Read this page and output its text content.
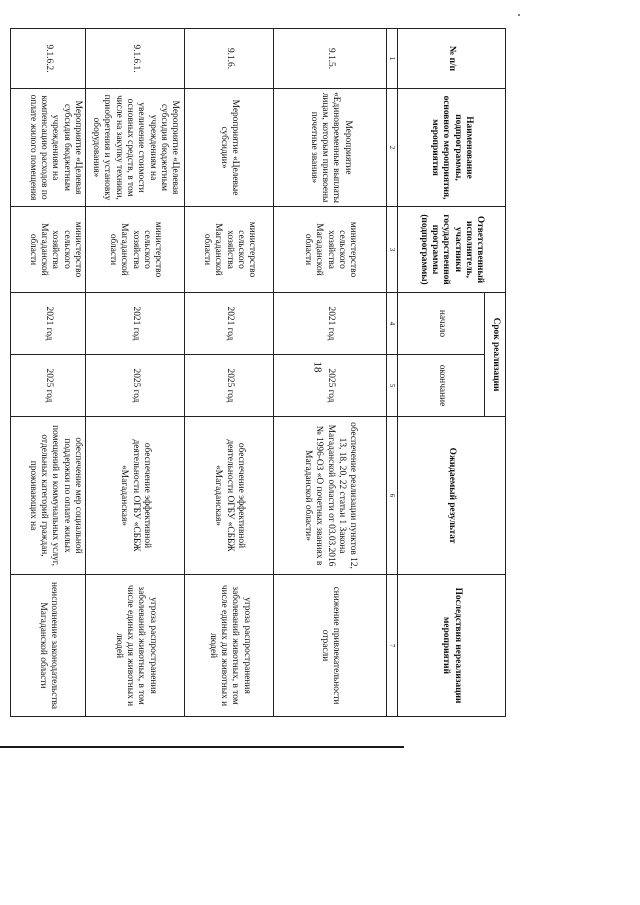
18
№ п/п	Наименование подпрограммы, основного мероприятия, мероприятия	Ответственный исполнитель, участники государственной программы (подпрограммы)	Срок реализации		Ожидаемый результат	Последствия нереализации мероприятий
			начало	окончание		
1	2	3	4	5	6	7
9.1.5.	Мероприятие «Единовременные выплаты лицам, которым присвоены почетные звания»	министерство сельского хозяйства Магаданской области	2021 год	2025 год	обеспечение реализации пунктов 12, 13, 18, 20, 22 статьи 1 Закона Магаданской области от 03.03.2016 № 1996-ОЗ «О почетных званиях в Магаданской области»	снижение привлекательности отрасли
9.1.6.	Мероприятие «Целевые субсидии»	министерство сельского хозяйства Магаданской области	2021 год	2025 год	обеспечение эффективной деятельности ОГБУ «СББЖ «Магаданская»	угроза распространения заболеваний животных, в том числе единых для животных и людей
9.1.6.1.	Мероприятие «Целевая субсидия бюджетным учреждениям на увеличение стоимости основных средств, в том числе на закупку техники, приобретения и установку оборудования»	министерство сельского хозяйства Магаданской области	2021 год	2025 год	обеспечение эффективной деятельности ОГБУ «СББЖ «Магаданская»	угроза распространения заболеваний животных, в том числе единых для животных и людей
9.1.6.2.	Мероприятие «Целевая субсидия бюджетным учреждениям на компенсацию расходов по оплате жилого помещения	министерство сельского хозяйства Магаданской области	2021 год	2025 год	обеспечение мер социальной поддержки по оплате жилых помещений и коммунальных услуг, отдельных категорий граждан, проживающих на	неисполнение законодательства Магаданской области
